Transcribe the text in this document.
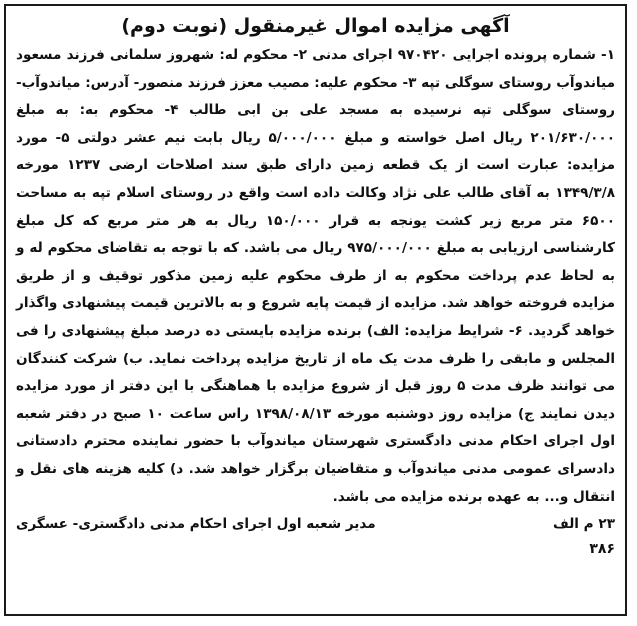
آگهی مزایده اموال غیرمنقول (نوبت دوم)

۱- شماره پرونده اجرایی ۹۷۰۴۲۰ اجرای مدنی ۲- محکوم له: شهروز سلمانی فرزند مسعود میاندوآب روستای سوگلی تپه ۳- محکوم علیه: مصیب معزز فرزند منصور- آدرس: میاندوآب- روستای سوگلی تپه نرسیده به مسجد علی بن ابی طالب ۴- محکوم به: به مبلغ ۲۰۱/۶۳۰/۰۰۰ ریال اصل خواسته و مبلغ ۵/۰۰۰/۰۰۰ ریال بابت نیم عشر دولتی ۵- مورد مزایده: عبارت است از یک قطعه زمین دارای طبق سند اصلاحات ارضی ۱۲۳۷ مورخه ۱۳۴۹/۳/۸ به آقای طالب علی نژاد وکالت داده است واقع در روستای اسلام تپه به مساحت ۶۵۰۰ متر مربع زیر کشت یونجه به قرار ۱۵۰/۰۰۰ ریال به هر متر مربع که کل مبلغ کارشناسی ارزیابی به مبلغ ۹۷۵/۰۰۰/۰۰۰ ریال می باشد. که با توجه به تقاضای محکوم له و به لحاظ عدم پرداخت محکوم به از طرف محکوم علیه زمین مذکور توقیف و از طریق مزایده فروخته خواهد شد. مزایده از قیمت پایه شروع و به بالاترین قیمت پیشنهادی واگذار خواهد گردید. ۶- شرایط مزایده: الف) برنده مزایده بایستی ده درصد مبلغ پیشنهادی را فی المجلس و مابقی را ظرف مدت یک ماه از تاریخ مزایده پرداخت نماید. ب) شرکت کنندگان می توانند ظرف مدت ۵ روز قبل از شروع مزایده با هماهنگی با این دفتر از مورد مزایده دیدن نمایند ج) مزایده روز دوشنبه مورخه ۱۳۹۸/۰۸/۱۳ راس ساعت ۱۰ صبح در دفتر شعبه اول اجرای احکام مدنی دادگستری شهرستان میاندوآب با حضور نماینده محترم دادستانی دادسرای عمومی مدنی میاندوآب و متقاضیان برگزار خواهد شد. د) کلیه هزینه های نقل و انتقال و... به عهده برنده مزایده می باشد.

۲۳ م الف
مدیر شعبه اول اجرای احکام مدنی دادگستری- عسگری
۳۸۶
